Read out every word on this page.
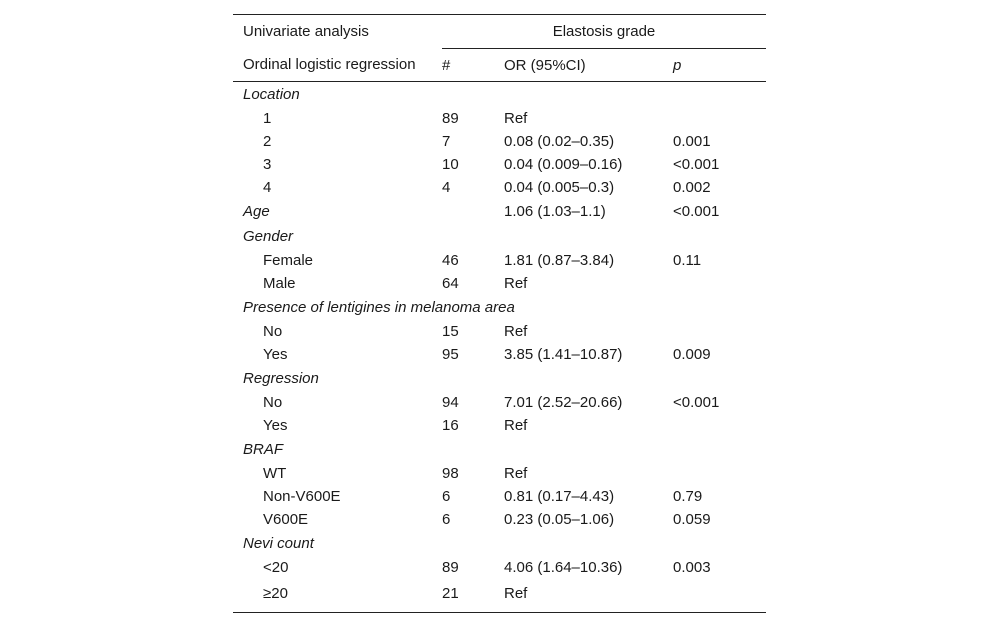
Univariate analysis	Elastosis grade		
Ordinal logistic regression	#	OR (95%CI)	p
Location			
1	89	Ref	
2	7	0.08 (0.02–0.35)	0.001
3	10	0.04 (0.009–0.16)	<0.001
4	4	0.04 (0.005–0.3)	0.002
Age		1.06 (1.03–1.1)	<0.001
Gender			
Female	46	1.81 (0.87–3.84)	0.11
Male	64	Ref	
Presence of lentigines in melanoma area			
No	15	Ref	
Yes	95	3.85 (1.41–10.87)	0.009
Regression			
No	94	7.01 (2.52–20.66)	<0.001
Yes	16	Ref	
BRAF			
WT	98	Ref	
Non-V600E	6	0.81 (0.17–4.43)	0.79
V600E	6	0.23 (0.05–1.06)	0.059
Nevi count			
<20	89	4.06 (1.64–10.36)	0.003
≥20	21	Ref	
